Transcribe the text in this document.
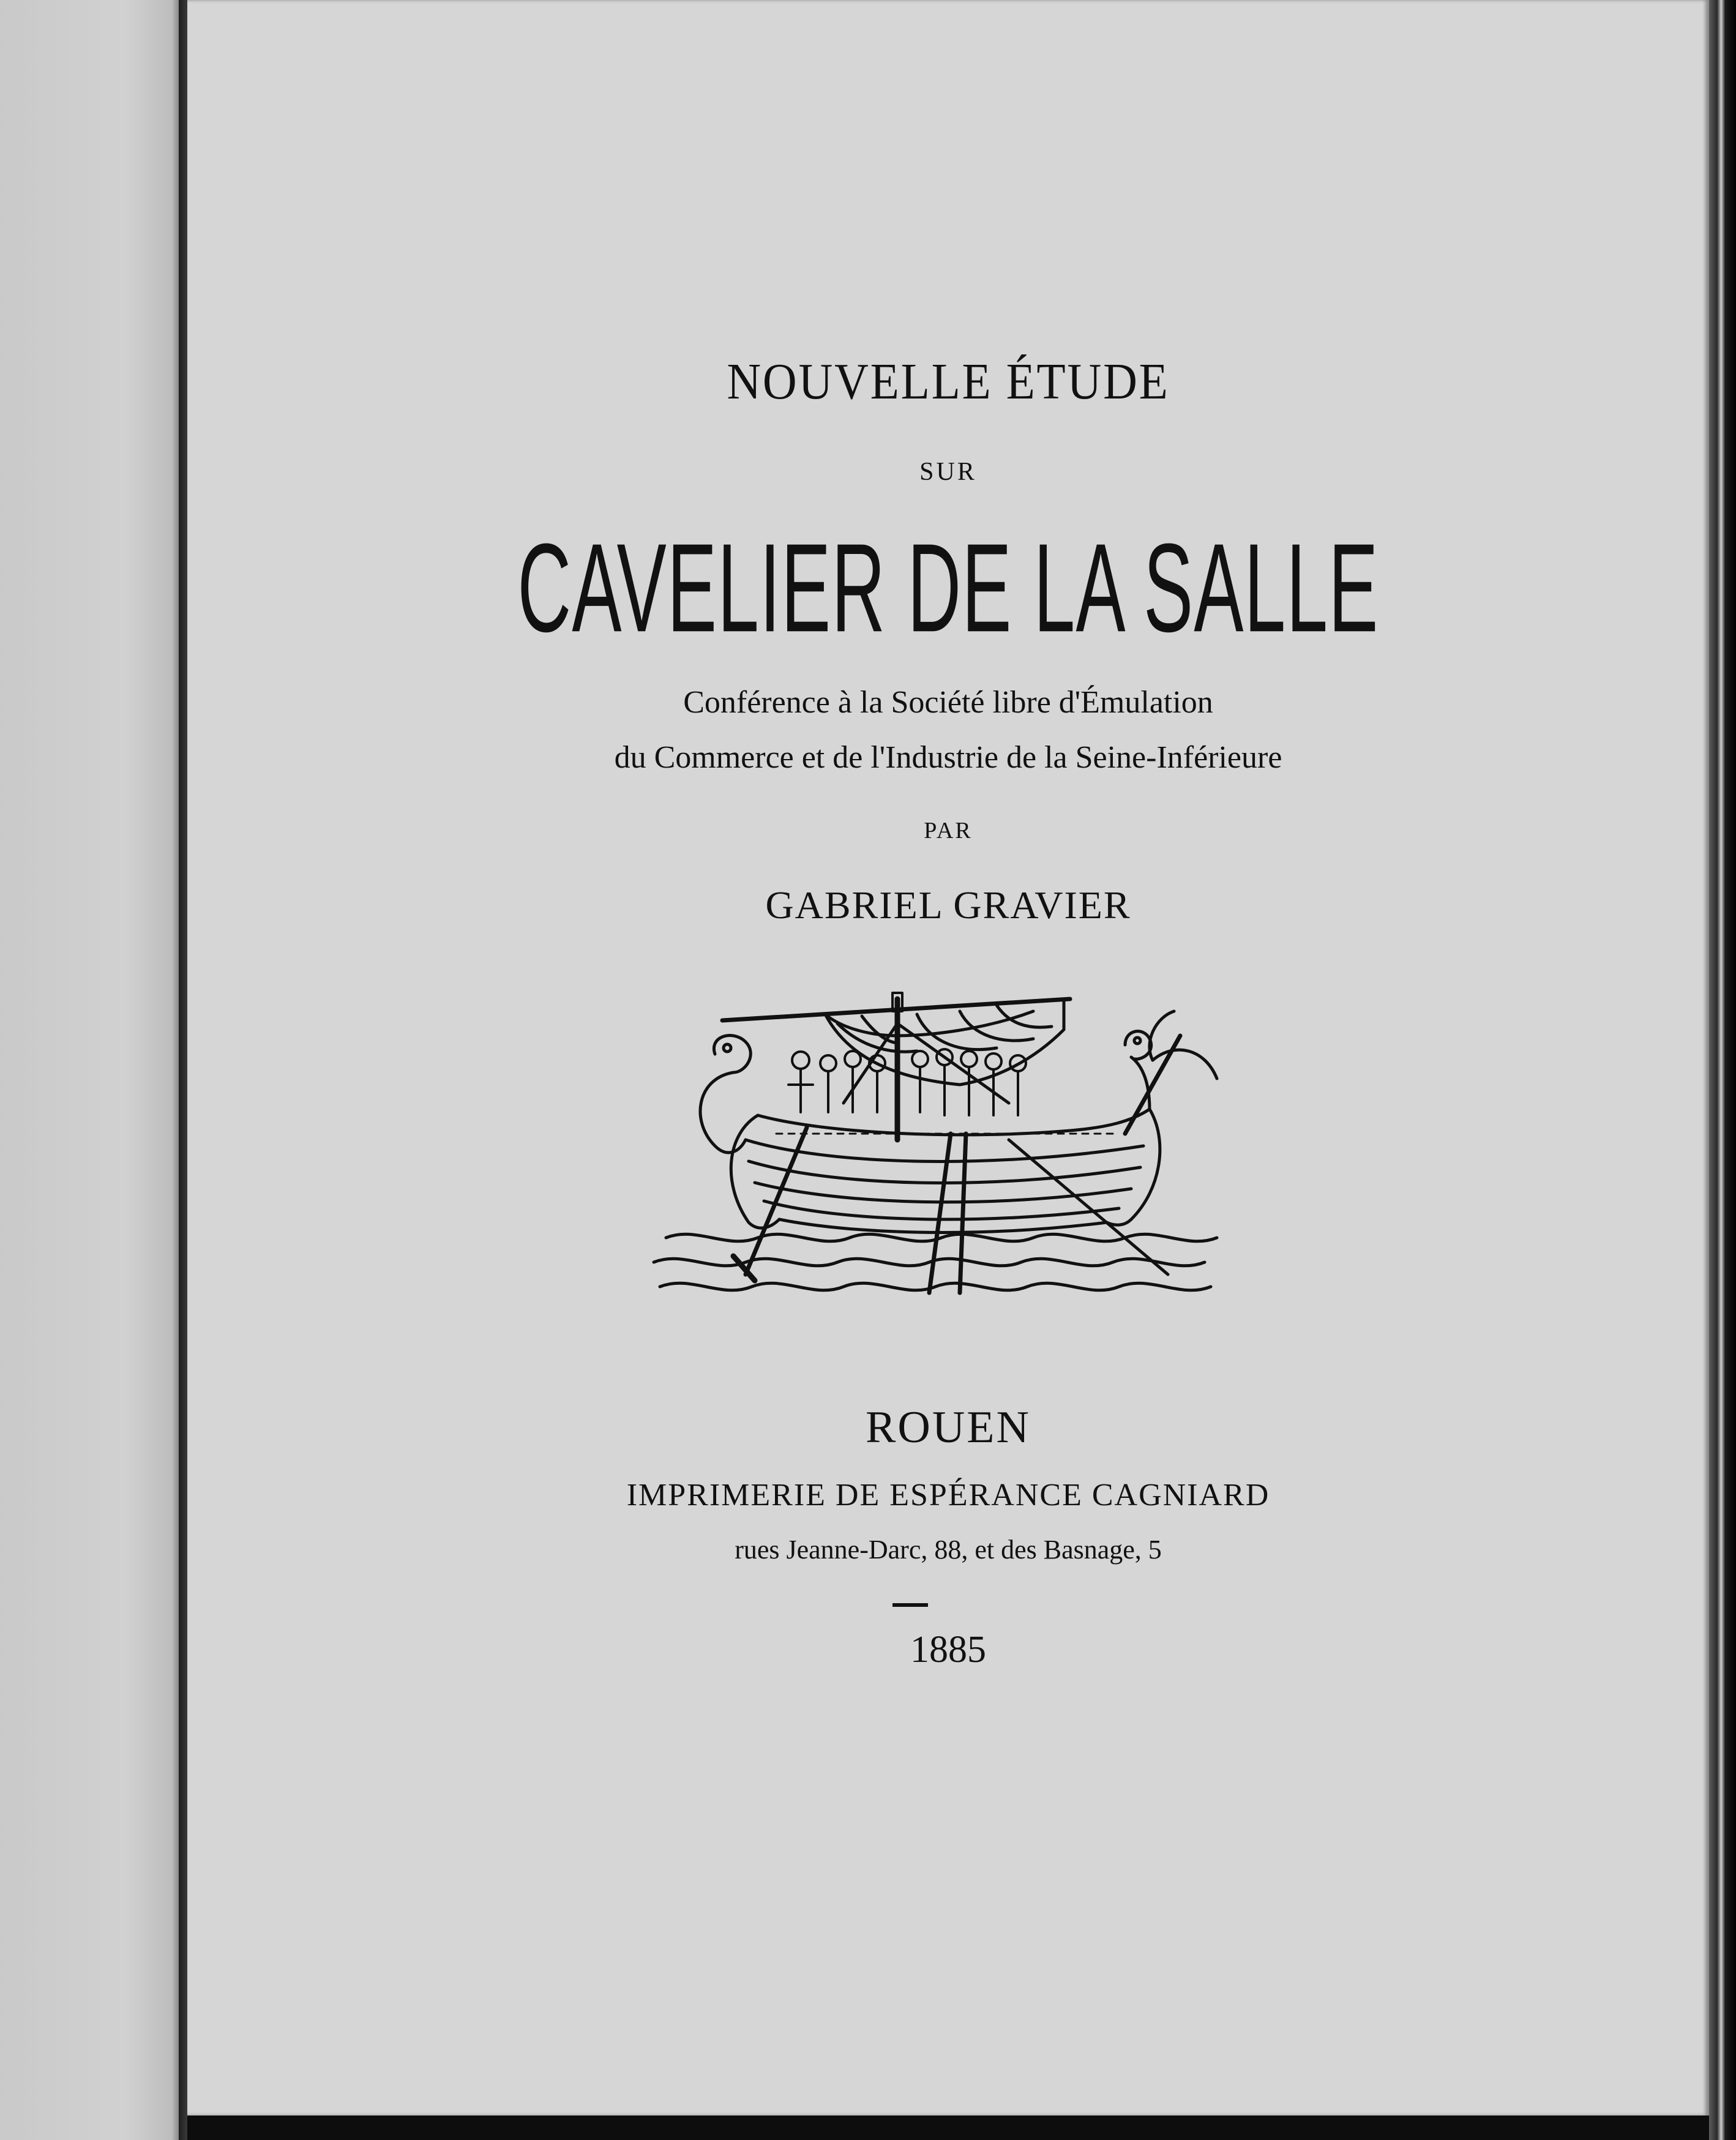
NOUVELLE ÉTUDE
SUR
CAVELIER DE LA SALLE
Conférence à la Société libre d'Émulation
du Commerce et de l'Industrie de la Seine-Inférieure
PAR
GABRIEL GRAVIER
ROUEN
IMPRIMERIE DE ESPÉRANCE CAGNIARD
rues Jeanne-Darc, 88, et des Basnage, 5
1885
